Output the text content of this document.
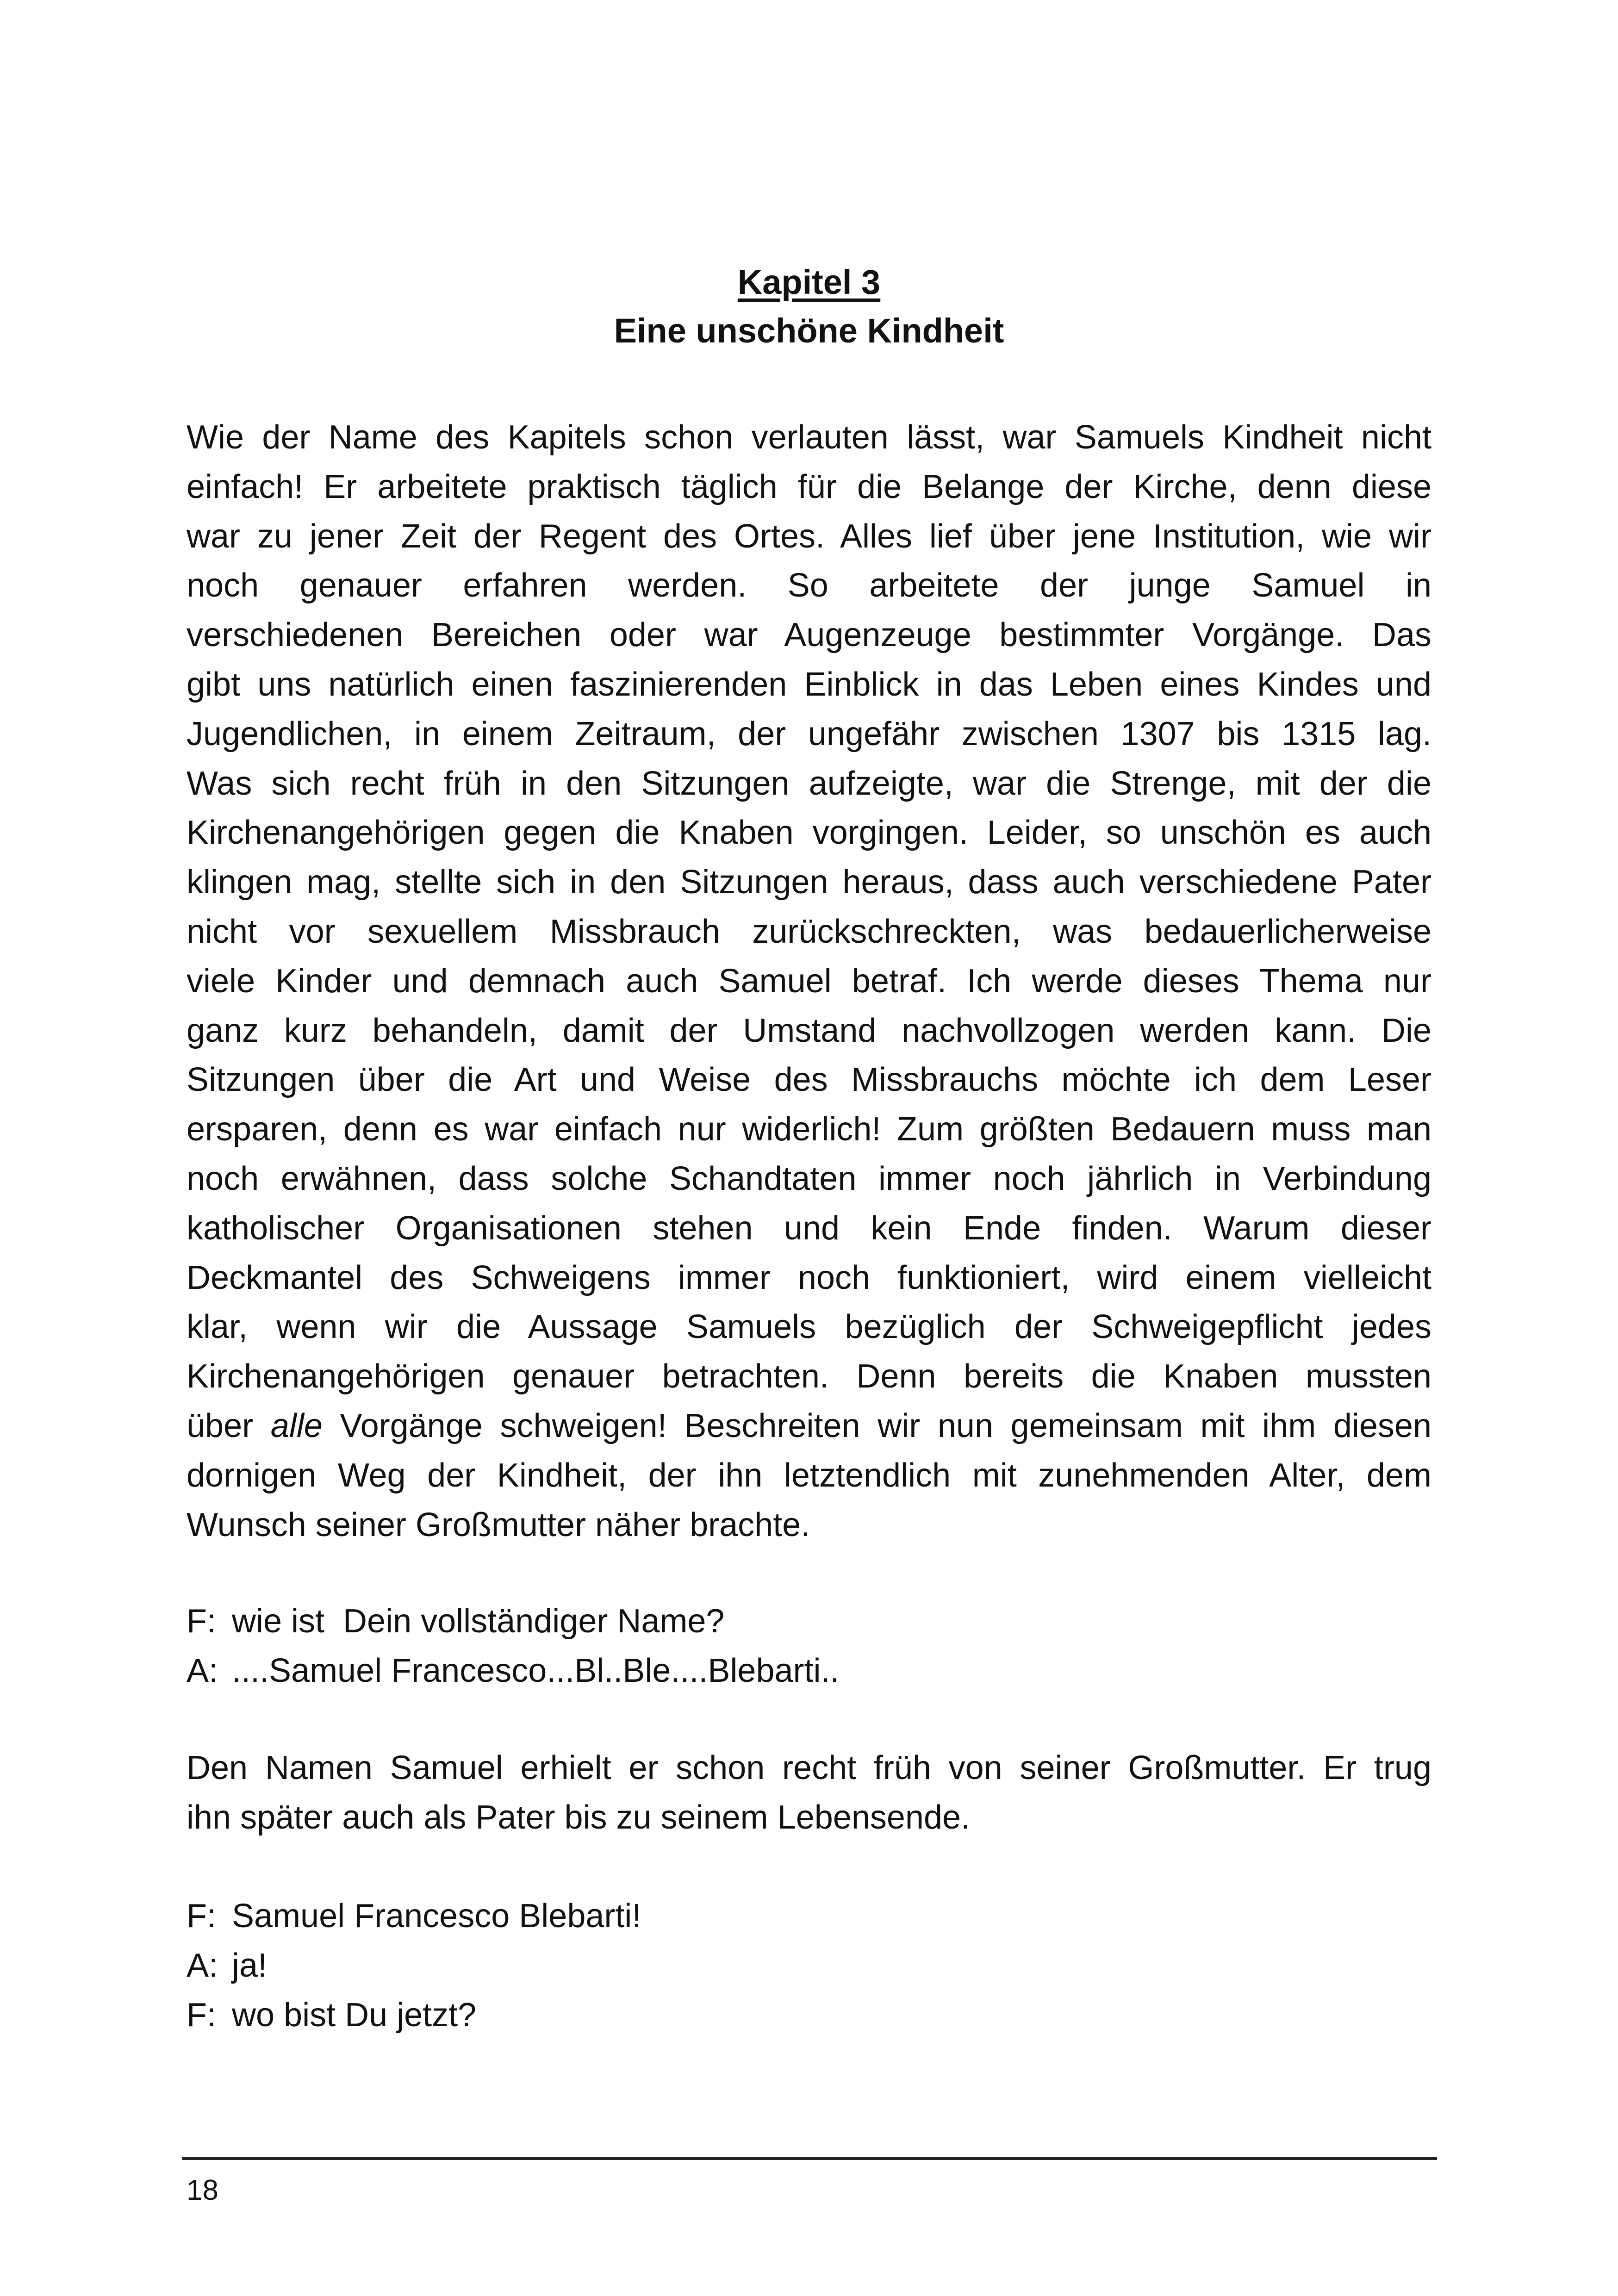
Kapitel 3
Eine unschöne Kindheit
Wie der Name des Kapitels schon verlauten lässt, war Samuels Kindheit nicht
einfach! Er arbeitete praktisch täglich für die Belange der Kirche, denn diese
war zu jener Zeit der Regent des Ortes. Alles lief über jene Institution, wie wir
noch genauer erfahren werden. So arbeitete der junge Samuel in
verschiedenen Bereichen oder war Augenzeuge bestimmter Vorgänge. Das
gibt uns natürlich einen faszinierenden Einblick in das Leben eines Kindes und
Jugendlichen, in einem Zeitraum, der ungefähr zwischen 1307 bis 1315 lag.
Was sich recht früh in den Sitzungen aufzeigte, war die Strenge, mit der die
Kirchenangehörigen gegen die Knaben vorgingen. Leider, so unschön es auch
klingen mag, stellte sich in den Sitzungen heraus, dass auch verschiedene Pater
nicht vor sexuellem Missbrauch zurückschreckten, was bedauerlicherweise
viele Kinder und demnach auch Samuel betraf. Ich werde dieses Thema nur
ganz kurz behandeln, damit der Umstand nachvollzogen werden kann. Die
Sitzungen über die Art und Weise des Missbrauchs möchte ich dem Leser
ersparen, denn es war einfach nur widerlich! Zum größten Bedauern muss man
noch erwähnen, dass solche Schandtaten immer noch jährlich in Verbindung
katholischer Organisationen stehen und kein Ende finden. Warum dieser
Deckmantel des Schweigens immer noch funktioniert, wird einem vielleicht
klar, wenn wir die Aussage Samuels bezüglich der Schweigepflicht jedes
Kirchenangehörigen genauer betrachten. Denn bereits die Knaben mussten
über alle Vorgänge schweigen! Beschreiten wir nun gemeinsam mit ihm diesen
dornigen Weg der Kindheit, der ihn letztendlich mit zunehmenden Alter, dem
Wunsch seiner Großmutter näher brachte.
F: wie ist  Dein vollständiger Name?
A: ....Samuel Francesco...Bl..Ble....Blebarti..
Den Namen Samuel erhielt er schon recht früh von seiner Großmutter. Er trug
ihn später auch als Pater bis zu seinem Lebensende.
F: Samuel Francesco Blebarti!
A: ja!
F: wo bist Du jetzt?
18
